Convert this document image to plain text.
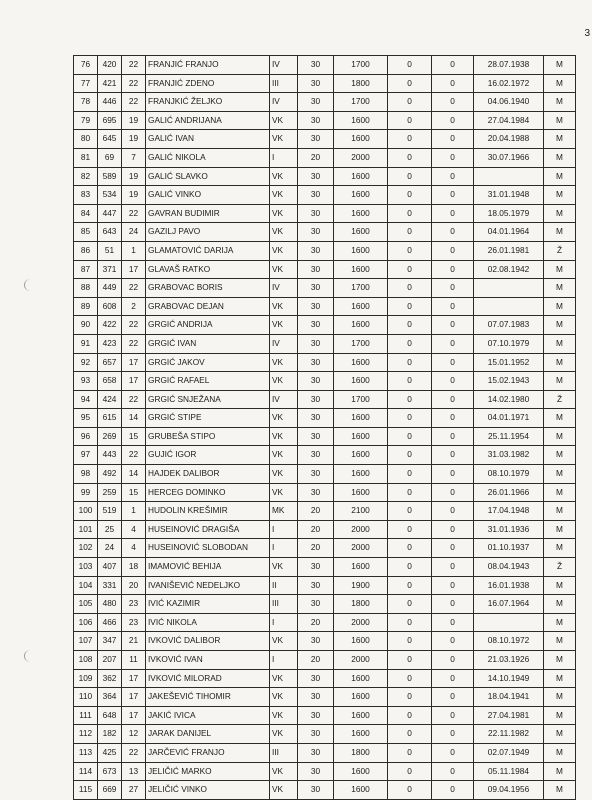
3
76	420	22	FRANJIĆ FRANJO	IV	30	1700	0	0	28.07.1938	M
77	421	22	FRANJIĆ ZDENO	III	30	1800	0	0	16.02.1972	M
78	446	22	FRANJKIĆ ŽELJKO	IV	30	1700	0	0	04.06.1940	M
79	695	19	GALIĆ ANDRIJANA	VK	30	1600	0	0	27.04.1984	M
80	645	19	GALIĆ IVAN	VK	30	1600	0	0	20.04.1988	M
81	69	7	GALIĆ NIKOLA	I	20	2000	0	0	30.07.1966	M
82	589	19	GALIĆ SLAVKO	VK	30	1600	0	0		M
83	534	19	GALIĆ VINKO	VK	30	1600	0	0	31.01.1948	M
84	447	22	GAVRAN BUDIMIR	VK	30	1600	0	0	18.05.1979	M
85	643	24	GAZILJ PAVO	VK	30	1600	0	0	04.01.1964	M
86	51	1	GLAMATOVIĆ DARIJA	VK	30	1600	0	0	26.01.1981	Ž
87	371	17	GLAVAŠ RATKO	VK	30	1600	0	0	02.08.1942	M
88	449	22	GRABOVAC BORIS	IV	30	1700	0	0		M
89	608	2	GRABOVAC DEJAN	VK	30	1600	0	0		M
90	422	22	GRGIĆ ANDRIJA	VK	30	1600	0	0	07.07.1983	M
91	423	22	GRGIĆ IVAN	IV	30	1700	0	0	07.10.1979	M
92	657	17	GRGIĆ JAKOV	VK	30	1600	0	0	15.01.1952	M
93	658	17	GRGIĆ RAFAEL	VK	30	1600	0	0	15.02.1943	M
94	424	22	GRGIĆ SNJEŽANA	IV	30	1700	0	0	14.02.1980	Ž
95	615	14	GRGIĆ STIPE	VK	30	1600	0	0	04.01.1971	M
96	269	15	GRUBEŠA STIPO	VK	30	1600	0	0	25.11.1954	M
97	443	22	GUJIĆ IGOR	VK	30	1600	0	0	31.03.1982	M
98	492	14	HAJDEK DALIBOR	VK	30	1600	0	0	08.10.1979	M
99	259	15	HERCEG DOMINKO	VK	30	1600	0	0	26.01.1966	M
100	519	1	HUDOLIN KREŠIMIR	MK	20	2100	0	0	17.04.1948	M
101	25	4	HUSEINOVIĆ DRAGIŠA	I	20	2000	0	0	31.01.1936	M
102	24	4	HUSEINOVIĆ SLOBODAN	I	20	2000	0	0	01.10.1937	M
103	407	18	IMAMOVIĆ BEHIJA	VK	30	1600	0	0	08.04.1943	Ž
104	331	20	IVANIŠEVIĆ NEDELJKO	II	30	1900	0	0	16.01.1938	M
105	480	23	IVIĆ KAZIMIR	III	30	1800	0	0	16.07.1964	M
106	466	23	IVIĆ NIKOLA	I	20	2000	0	0		M
107	347	21	IVKOVIĆ DALIBOR	VK	30	1600	0	0	08.10.1972	M
108	207	11	IVKOVIĆ IVAN	I	20	2000	0	0	21.03.1926	M
109	362	17	IVKOVIĆ MILORAD	VK	30	1600	0	0	14.10.1949	M
110	364	17	JAKEŠEVIĆ TIHOMIR	VK	30	1600	0	0	18.04.1941	M
111	648	17	JAKIĆ IVICA	VK	30	1600	0	0	27.04.1981	M
112	182	12	JARAK DANIJEL	VK	30	1600	0	0	22.11.1982	M
113	425	22	JARČEVIĆ FRANJO	III	30	1800	0	0	02.07.1949	M
114	673	13	JELIČIĆ MARKO	VK	30	1600	0	0	05.11.1984	M
115	669	27	JELIČIĆ VINKO	VK	30	1600	0	0	09.04.1956	M
